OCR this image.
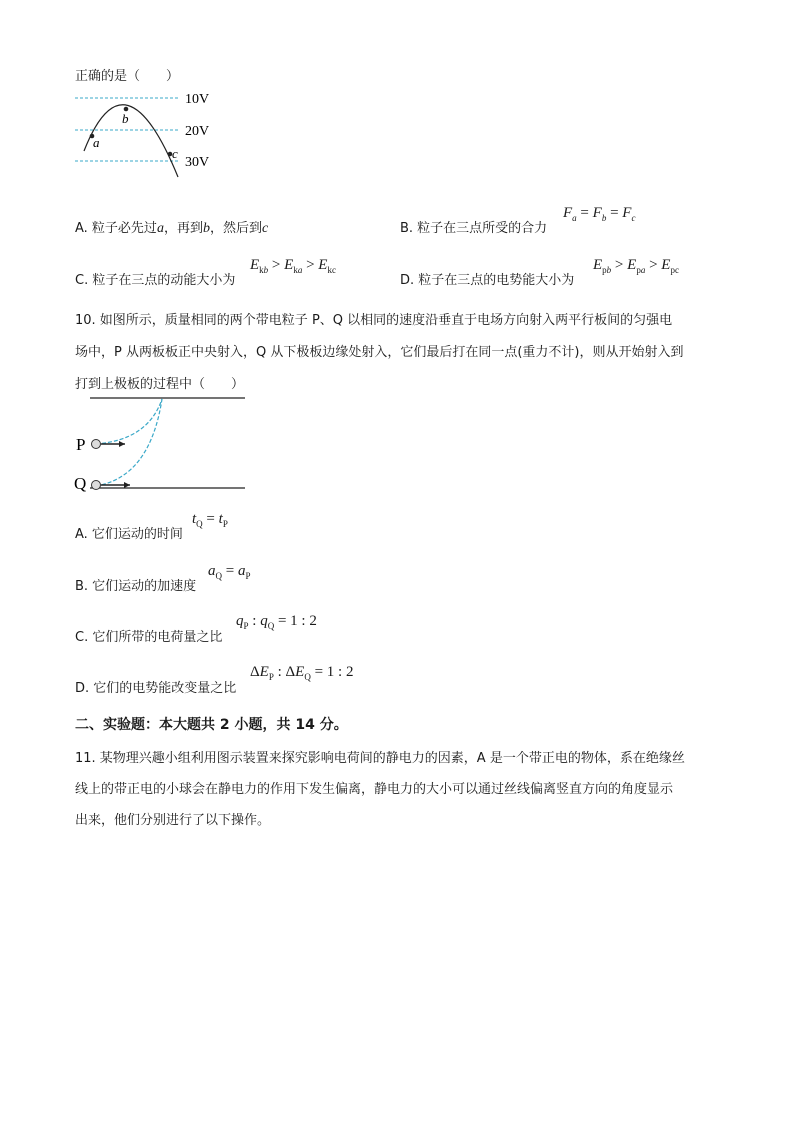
正确的是（　　）
a
b
c
10V
20V
30V
A. 粒子必先过a，再到b，然后到c	B. 粒子在三点所受的合力
$F_a = F_b = F_c$
C. 粒子在三点的动能大小为
$E_{kb} > E_{ka} > E_{kc}$
D. 粒子在三点的电势能大小为
$E_{pb} > E_{pa} > E_{pc}$
10. 如图所示，质量相同的两个带电粒子 P、Q 以相同的速度沿垂直于电场方向射入两平行板间的匀强电
场中，P 从两板板正中央射入，Q 从下极板边缘处射入，它们最后打在同一点(重力不计)，则从开始射入到
打到上极板的过程中（　　）
P
Q
A. 它们运动的时间
$t_Q = t_P$
B. 它们运动的加速度
$a_Q = a_P$
C. 它们所带的电荷量之比
$q_P$ : $q_Q = 1$ : 2
D. 它们的电势能改变量之比
$\Delta E_P$ : $\Delta E_Q = 1$ : 2
二、实验题：本大题共 2 小题，共 14 分。
11. 某物理兴趣小组利用图示装置来探究影响电荷间的静电力的因素，A 是一个带正电的物体，系在绝缘丝
线上的带正电的小球会在静电力的作用下发生偏离，静电力的大小可以通过丝线偏离竖直方向的角度显示
出来，他们分别进行了以下操作。
